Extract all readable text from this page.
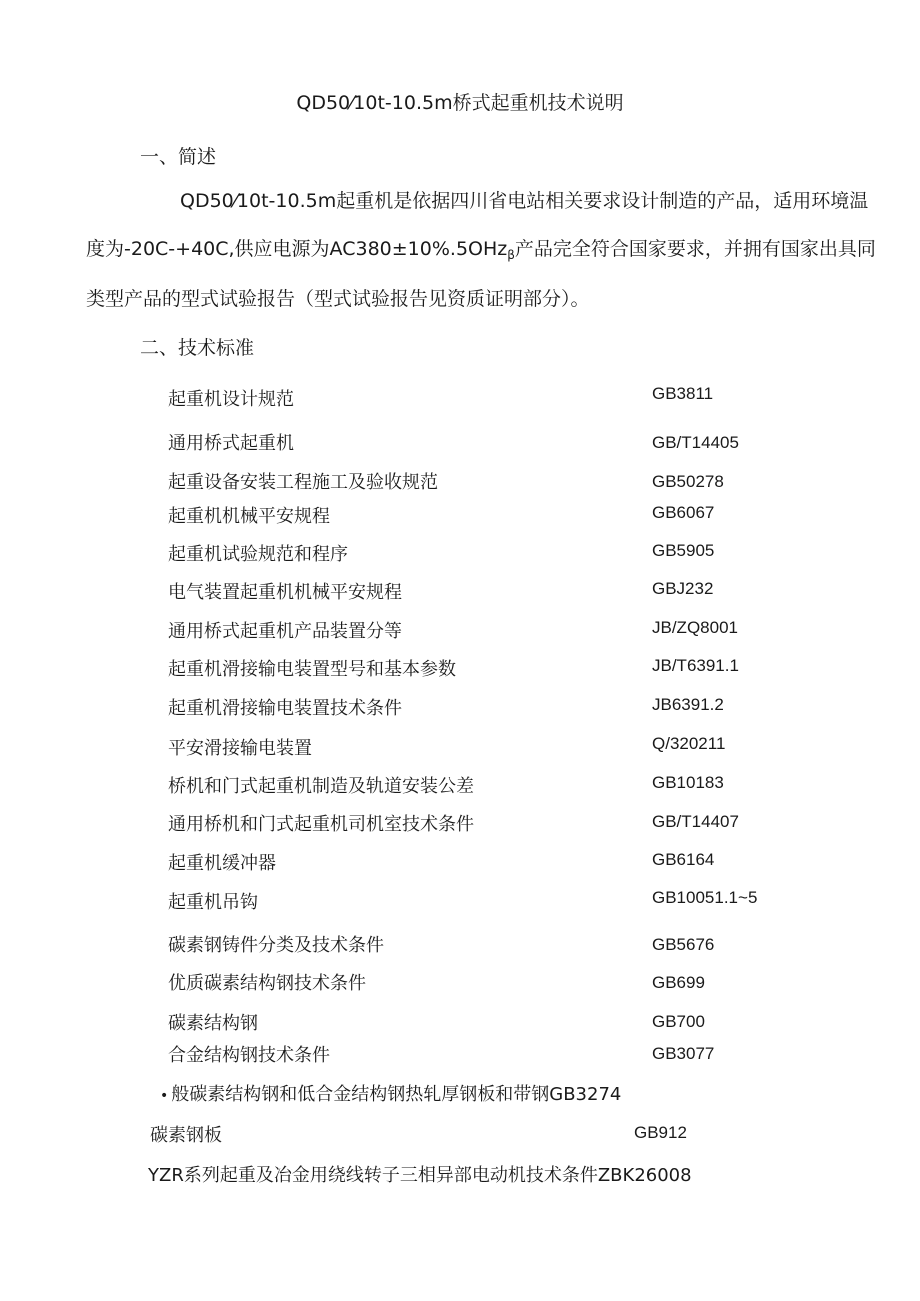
QD50⁄10t-10.5m桥式起重机技术说明
一、简述
QD50⁄10t-10.5m起重机是依据四川省电站相关要求设计制造的产品，适用环境温
度为-20C-+40C,供应电源为AC380±10%.5OHz$_\beta$产品完全符合国家要求，并拥有国家出具同
类型产品的型式试验报告（型式试验报告见资质证明部分）。
二、技术标准
起重机设计规范	GB3811
通用桥式起重机	GB/T14405
起重设备安装工程施工及验收规范	GB50278
起重机机械平安规程	GB6067
起重机试验规范和程序	GB5905
电气装置起重机机械平安规程	GBJ232
通用桥式起重机产品装置分等	JB/ZQ8001
起重机滑接输电装置型号和基本参数	JB/T6391.1
起重机滑接输电装置技术条件	JB6391.2
平安滑接输电装置	Q/320211
桥机和门式起重机制造及轨道安装公差	GB10183
通用桥机和门式起重机司机室技术条件	GB/T14407
起重机缓冲器	GB6164
起重机吊钩	GB10051.1~5
碳素钢铸件分类及技术条件	GB5676
优质碳素结构钢技术条件	GB699
碳素结构钢	GB700
合金结构钢技术条件	GB3077
• 般碳素结构钢和低合金结构钢热轧厚钢板和带钢GB3274
碳素钢板	GB912
YZR系列起重及冶金用绕线转子三相异部电动机技术条件ZBK26008
